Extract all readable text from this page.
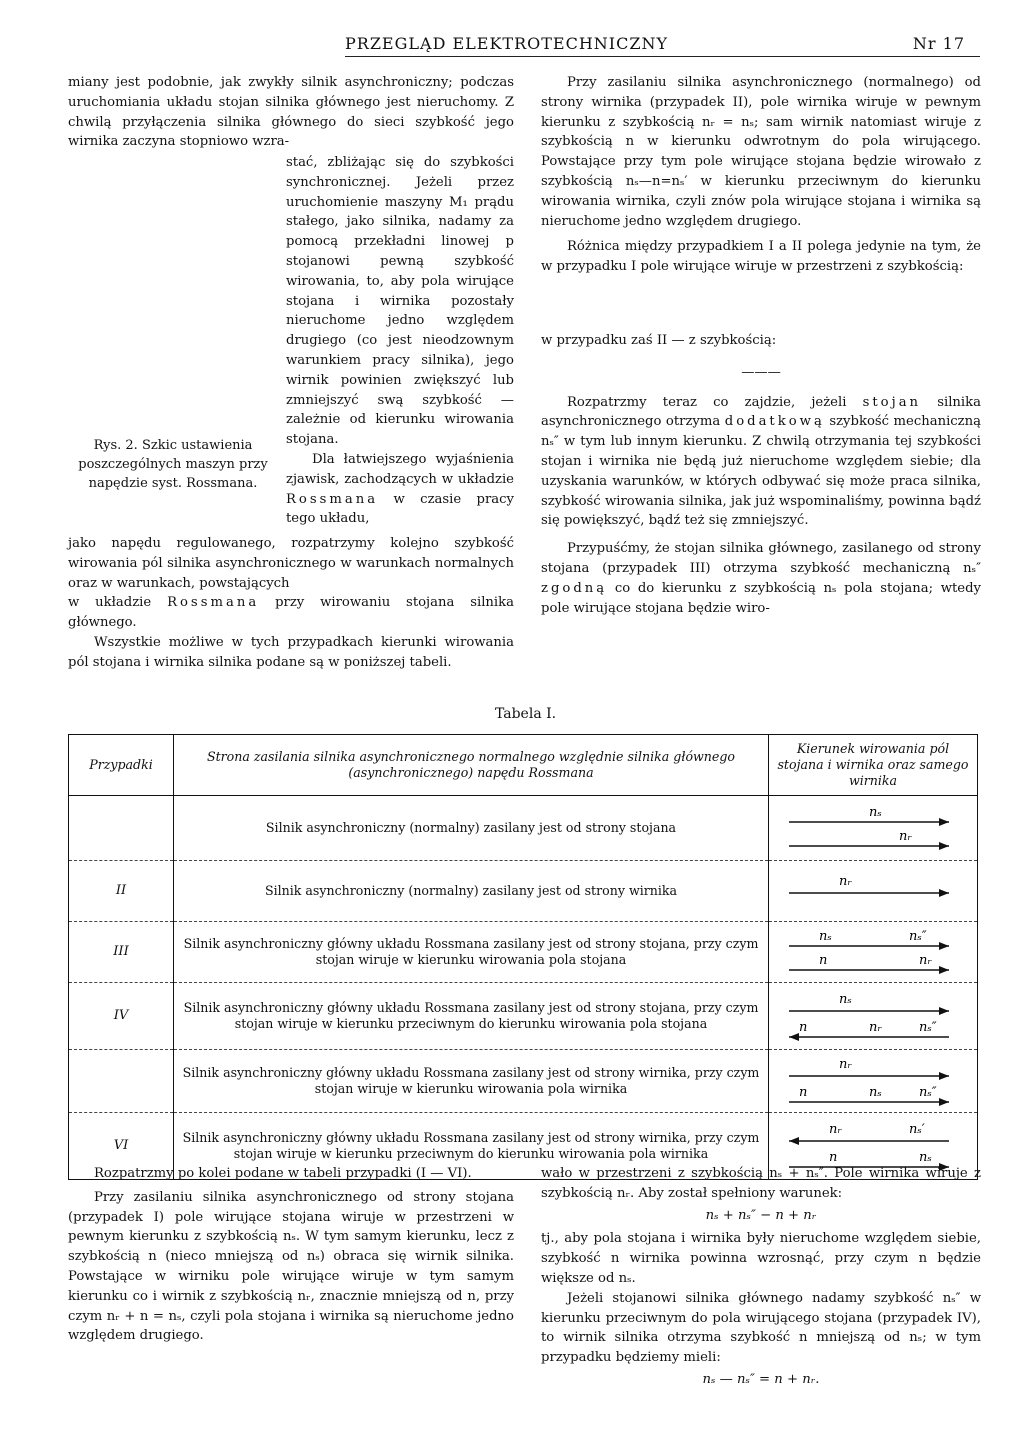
PRZEGLĄD ELEKTROTECHNICZNY	Nr 17

miany jest podobnie, jak zwykły silnik asynchroniczny; podczas uruchomiania układu stojan silnika głównego jest nieruchomy. Z chwilą przyłączenia silnika głównego do sieci szybkość jego wirnika zaczyna stopniowo wzra-

stać, zbliżając się do szybkości synchronicznej. Jeżeli przez uruchomienie maszyny M₁ prądu stałego, jako silnika, nadamy za pomocą przekładni linowej p stojanowi pewną szybkość wirowania, to, aby pola wirujące stojana i wirnika pozostały nieruchome jedno względem drugiego (co jest nieodzownym warunkiem pracy silnika), jego wirnik powinien zwiększyć lub zmniejszyć swą szybkość — zależnie od kierunku wirowania stojana.

Dla łatwiejszego wyjaśnienia zjawisk, zachodzących w układzie Rossmana w czasie pracy tego układu,

Rys. 2. Szkic ustawienia poszczególnych maszyn przy napędzie syst. Rossmana.

jako napędu regulowanego, rozpatrzymy kolejno szybkość wirowania pól silnika asynchronicznego w warunkach normalnych oraz w warunkach, powstających

w układzie Rossmana przy wirowaniu stojana silnika głównego.

Wszystkie możliwe w tych przypadkach kierunki wirowania pól stojana i wirnika silnika podane są w poniższej tabeli.

Przy zasilaniu silnika asynchronicznego (normalnego) od strony wirnika (przypadek II), pole wirnika wiruje w pewnym kierunku z szybkością nᵣ = nₛ; sam wirnik natomiast wiruje z szybkością n w kierunku odwrotnym do pola wirującego. Powstające przy tym pole wirujące stojana będzie wirowało z szybkością nₛ—n=nₛ′ w kierunku przeciwnym do kierunku wirowania wirnika, czyli znów pola wirujące stojana i wirnika są nieruchome jedno względem drugiego.

Różnica między przypadkiem I a II polega jedynie na tym, że w przypadku I pole wirujące wiruje w przestrzeni z szybkością:

w przypadku zaś II — z szybkością:

———

Rozpatrzmy teraz co zajdzie, jeżeli stojan silnika asynchronicznego otrzyma dodatkową szybkość mechaniczną nₛ″ w tym lub innym kierunku. Z chwilą otrzymania tej szybkości stojan i wirnika nie będą już nieruchome względem siebie; dla uzyskania warunków, w których odbywać się może praca silnika, szybkość wirowania silnika, jak już wspominaliśmy, powinna bądź się powiększyć, bądź też się zmniejszyć.

Przypuśćmy, że stojan silnika głównego, zasilanego od strony stojana (przypadek III) otrzyma szybkość mechaniczną nₛ″ zgodną co do kierunku z szybkością nₛ pola stojana; wtedy pole wirujące stojana będzie wiro-

Tabela I.
Przypadki	Strona zasilania silnika asynchronicznego normalnego względnie silnika głównego (asynchronicznego) napędu Rossmana	Kierunek wirowania pól stojana i wirnika oraz samego wirnika
	Silnik asynchroniczny (normalny) zasilany jest od strony stojana	nₛ
nᵣ

II	Silnik asynchroniczny (normalny) zasilany jest od strony wirnika	nᵣ

III	Silnik asynchroniczny główny układu Rossmana zasilany jest od strony stojana, przy czym stojan wiruje w kierunku wirowania pola stojana	nₛ nₛ″
n nᵣ

IV	Silnik asynchroniczny główny układu Rossmana zasilany jest od strony stojana, przy czym stojan wiruje w kierunku przeciwnym do kierunku wirowania pola stojana	nₛ
n nᵣ nₛ″

	Silnik asynchroniczny główny układu Rossmana zasilany jest od strony wirnika, przy czym stojan wiruje w kierunku wirowania pola wirnika	nᵣ
n nₛ nₛ″

VI	Silnik asynchroniczny główny układu Rossmana zasilany jest od strony wirnika, przy czym stojan wiruje w kierunku przeciwnym do kierunku wirowania pola wirnika	nᵣ nₛ′
n nₛ

Rozpatrzmy po kolei podane w tabeli przypadki (I — VI).

Przy zasilaniu silnika asynchronicznego od strony stojana (przypadek I) pole wirujące stojana wiruje w przestrzeni w pewnym kierunku z szybkością nₛ. W tym samym kierunku, lecz z szybkością n (nieco mniejszą od nₛ) obraca się wirnik silnika. Powstające w wirniku pole wirujące wiruje w tym samym kierunku co i wirnik z szybkością nᵣ, znacznie mniejszą od n, przy czym nᵣ + n = nₛ, czyli pola stojana i wirnika są nieruchome jedno względem drugiego.

wało w przestrzeni z szybkością nₛ + nₛ″. Pole wirnika wiruje z szybkością nᵣ. Aby został spełniony warunek:

nₛ + nₛ″ − n + nᵣ

tj., aby pola stojana i wirnika były nieruchome względem siebie, szybkość n wirnika powinna wzrosnąć, przy czym n będzie większe od nₛ.

Jeżeli stojanowi silnika głównego nadamy szybkość nₛ″ w kierunku przeciwnym do pola wirującego stojana (przypadek IV), to wirnik silnika otrzyma szybkość n mniejszą od nₛ; w tym przypadku będziemy mieli:

nₛ — nₛ″ = n + nᵣ.
